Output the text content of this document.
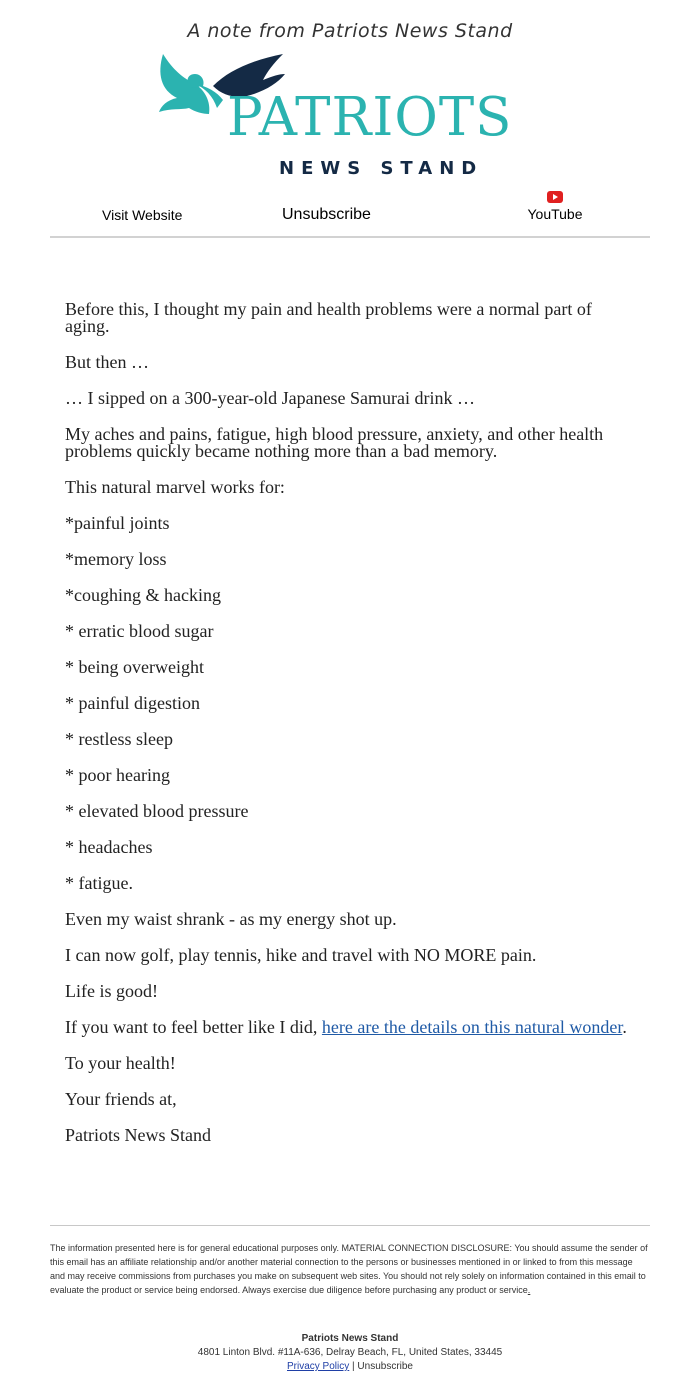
A note from Patriots News Stand
PATRIOTS
NEWS STAND
Visit Website	Unsubscribe	YouTube

Before this, I thought my pain and health problems were a normal part of aging.

But then …

… I sipped on a 300-year-old Japanese Samurai drink …

My aches and pains, fatigue, high blood pressure, anxiety, and other health problems quickly became nothing more than a bad memory.

This natural marvel works for:

*painful joints

*memory loss

*coughing & hacking

* erratic blood sugar

* being overweight

* painful digestion

* restless sleep

* poor hearing

* elevated blood pressure

* headaches

* fatigue.

Even my waist shrank - as my energy shot up.

I can now golf, play tennis, hike and travel with NO MORE pain.

Life is good!

If you want to feel better like I did, here are the details on this natural wonder.

To your health!

Your friends at,

Patriots News Stand

The information presented here is for general educational purposes only. MATERIAL CONNECTION DISCLOSURE: You should assume the sender of this email has an affiliate relationship and/or another material connection to the persons or businesses mentioned in or linked to from this message and may receive commissions from purchases you make on subsequent web sites. You should not rely solely on information contained in this email to evaluate the product or service being endorsed. Always exercise due diligence before purchasing any product or service.
Patriots News Stand
4801 Linton Blvd. #11A-636, Delray Beach, FL, United States, 33445
Privacy Policy | Unsubscribe
